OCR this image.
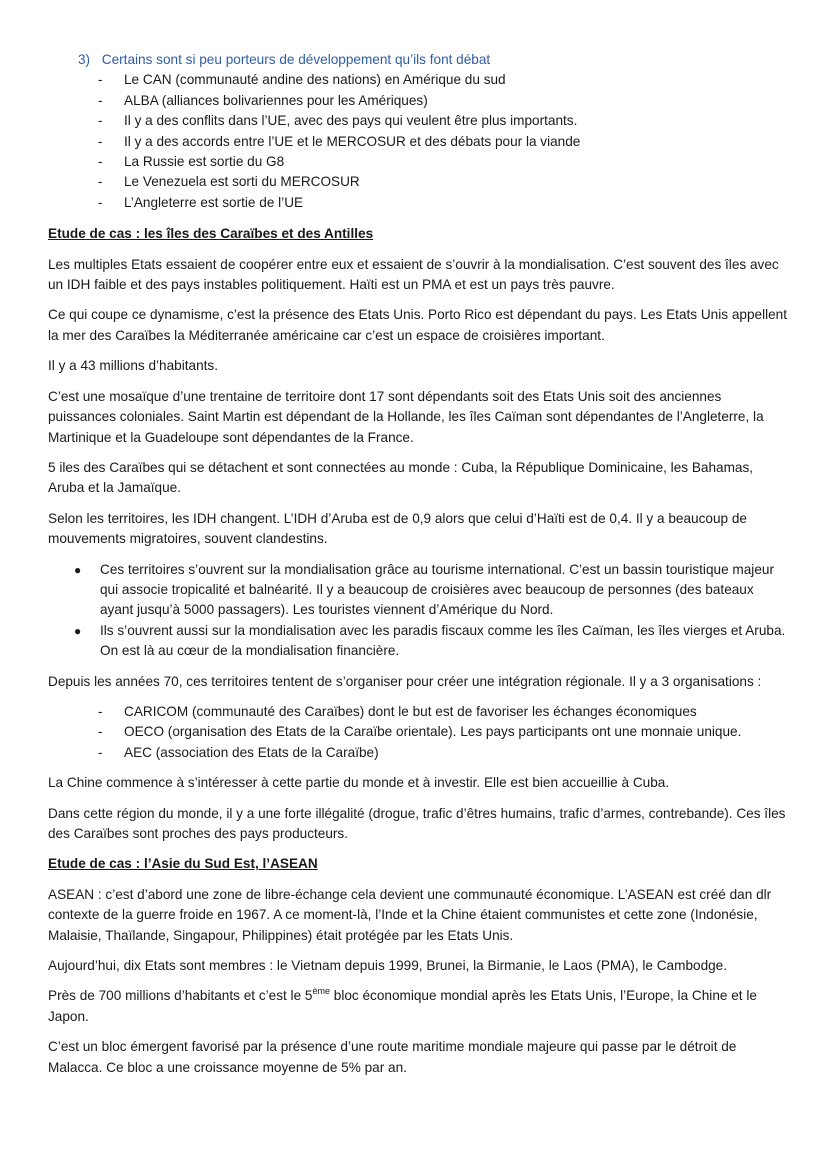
3) Certains sont si peu porteurs de développement qu’ils font débat
- Le CAN (communauté andine des nations) en Amérique du sud
- ALBA (alliances bolivariennes pour les Amériques)
- Il y a des conflits dans l’UE, avec des pays qui veulent être plus importants.
- Il y a des accords entre l’UE et le MERCOSUR et des débats pour la viande
- La Russie est sortie du G8
- Le Venezuela est sorti du MERCOSUR
- L’Angleterre est sortie de l’UE
Etude de cas : les îles des Caraïbes et des Antilles

Les multiples Etats essaient de coopérer entre eux et essaient de s’ouvrir à la mondialisation. C’est souvent des îles avec un IDH faible et des pays instables politiquement. Haïti est un PMA et est un pays très pauvre.

Ce qui coupe ce dynamisme, c’est la présence des Etats Unis. Porto Rico est dépendant du pays. Les Etats Unis appellent la mer des Caraïbes la Méditerranée américaine car c’est un espace de croisières important.

Il y a 43 millions d’habitants.

C’est une mosaïque d’une trentaine de territoire dont 17 sont dépendants soit des Etats Unis soit des anciennes puissances coloniales. Saint Martin est dépendant de la Hollande, les îles Caïman sont dépendantes de l’Angleterre, la Martinique et la Guadeloupe sont dépendantes de la France.

5 iles des Caraïbes qui se détachent et sont connectées au monde : Cuba, la République Dominicaine, les Bahamas, Aruba et la Jamaïque.

Selon les territoires, les IDH changent. L’IDH d’Aruba est de 0,9 alors que celui d’Haïti est de 0,4. Il y a beaucoup de mouvements migratoires, souvent clandestins.

● Ces territoires s’ouvrent sur la mondialisation grâce au tourisme international. C’est un bassin touristique majeur qui associe tropicalité et balnéarité. Il y a beaucoup de croisières avec beaucoup de personnes (des bateaux ayant jusqu’à 5000 passagers). Les touristes viennent d’Amérique du Nord.
● Ils s’ouvrent aussi sur la mondialisation avec les paradis fiscaux comme les îles Caïman, les îles vierges et Aruba. On est là au cœur de la mondialisation financière.

Depuis les années 70, ces territoires tentent de s’organiser pour créer une intégration régionale. Il y a 3 organisations :

- CARICOM (communauté des Caraïbes) dont le but est de favoriser les échanges économiques
- OECO (organisation des Etats de la Caraïbe orientale). Les pays participants ont une monnaie unique.
- AEC (association des Etats de la Caraïbe)

La Chine commence à s’intéresser à cette partie du monde et à investir. Elle est bien accueillie à Cuba.

Dans cette région du monde, il y a une forte illégalité (drogue, trafic d’êtres humains, trafic d’armes, contrebande). Ces îles des Caraïbes sont proches des pays producteurs.

Etude de cas : l’Asie du Sud Est, l’ASEAN

ASEAN : c’est d’abord une zone de libre-échange cela devient une communauté économique. L’ASEAN est créé dan dlr contexte de la guerre froide en 1967. A ce moment-là, l’Inde et la Chine étaient communistes et cette zone (Indonésie, Malaisie, Thaïlande, Singapour, Philippines) était protégée par les Etats Unis.

Aujourd’hui, dix Etats sont membres : le Vietnam depuis 1999, Brunei, la Birmanie, le Laos (PMA), le Cambodge.

Près de 700 millions d’habitants et c’est le 5ème bloc économique mondial après les Etats Unis, l’Europe, la Chine et le Japon.

C’est un bloc émergent favorisé par la présence d’une route maritime mondiale majeure qui passe par le détroit de Malacca. Ce bloc a une croissance moyenne de 5% par an.
